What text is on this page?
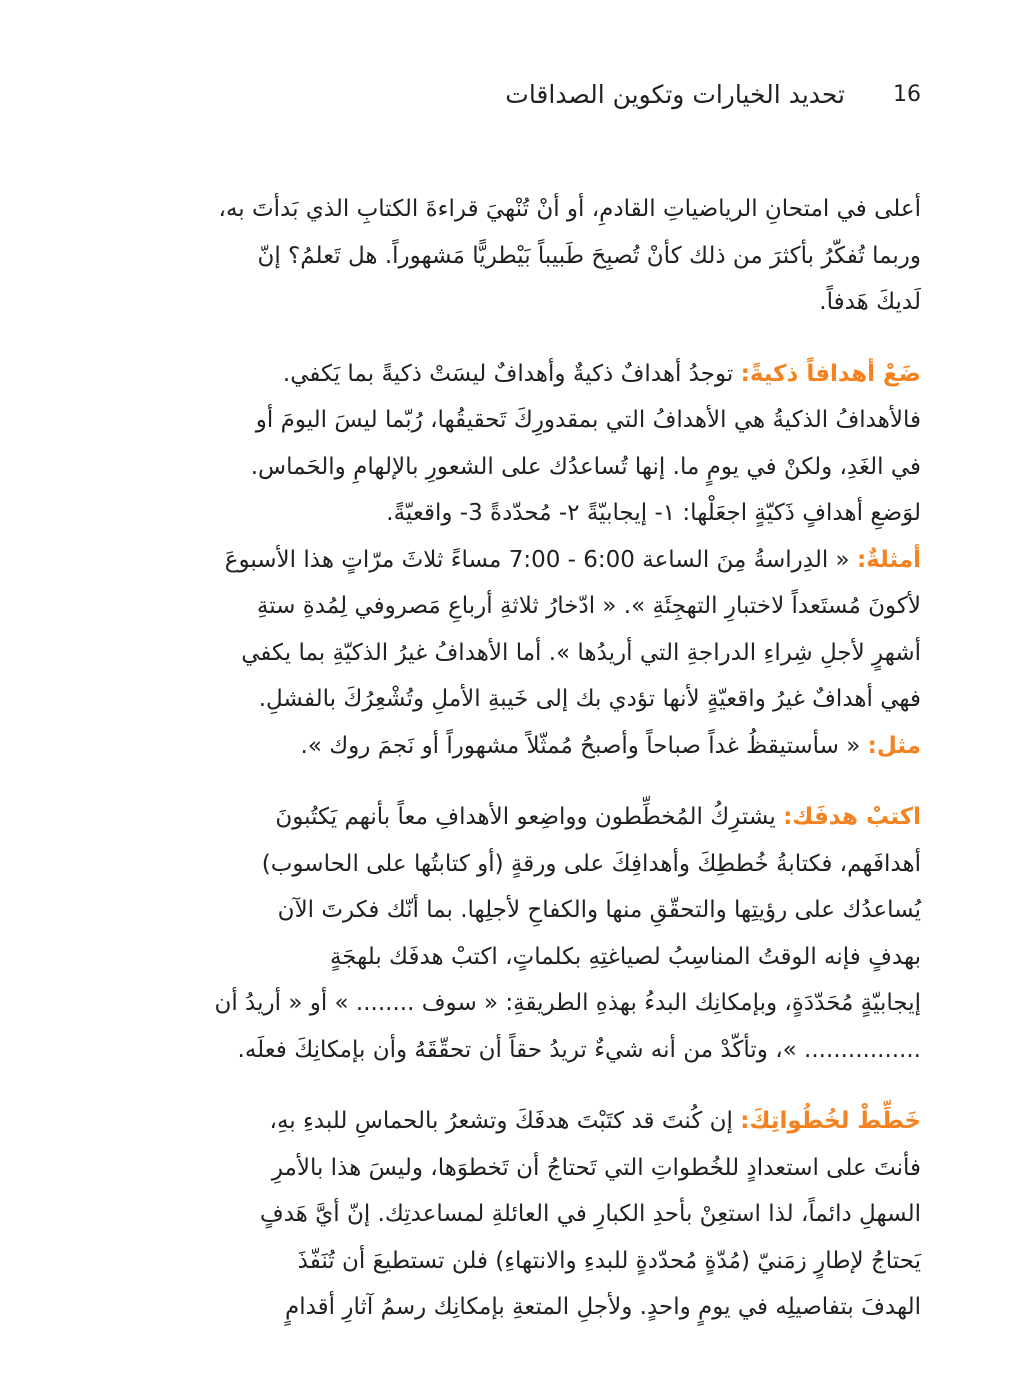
16
تحديد الخيارات وتكوين الصداقات

أعلى في امتحانِ الرياضياتِ القادمِ، أو أنْ تُنْهيَ قراءةَ الكتابِ الذي بَدأتَ به،
وربما تُفكّرُ بأكثرَ من ذلك كأنْ تُصبِحَ طَبيباً بَيْطريًّا مَشهوراً. هل تَعلمُ؟ إنّ
لَديكَ هَدفاً.

ضَعْ أهدافاً ذكيةً: توجدُ أهدافٌ ذكيةٌ وأهدافٌ ليسَتْ ذكيةً بما يَكفي.
فالأهدافُ الذكيةُ هي الأهدافُ التي بمقدورِكَ تَحقيقُها، رُبّما ليسَ اليومَ أو
في الغَدِ، ولكنْ في يومٍ ما. إنها تُساعدُك على الشعورِ بالإلهامِ والحَماس.
لوَضعِ أهدافٍ ذَكيّةٍ اجعَلْها: ١- إيجابيّةً ٢- مُحدّدةً 3- واقعيّةً.
أمثلةٌ: « الدِراسةُ مِنَ الساعة 6:00 - 7:00 مساءً ثلاثَ مرّاتٍ هذا الأسبوعَ
لأكونَ مُستَعداً لاختبارِ التهجِئَةِ ». « ادّخارُ ثلاثةِ أرباعِ مَصروفي لِمُدةِ ستةِ
أشهرٍ لأجلِ شِراءِ الدراجةِ التي أريدُها ». أما الأهدافُ غيرُ الذكيّةِ بما يكفي
فهي أهدافٌ غيرُ واقعيّةٍ لأنها تؤدي بك إلى خَيبةِ الأملِ وتُشْعِرُكَ بالفشلِ.
مثل: « سأستيقظُ غداً صباحاً وأصبحُ مُمثّلاً مشهوراً أو نَجمَ روك ».

اكتبْ هدفَك: يشترِكُ المُخطِّطون وواضِعو الأهدافِ معاً بأنهم يَكتُبونَ
أهدافَهم، فكتابةُ خُططِكَ وأهدافِكَ على ورقةٍ (أو كتابتُها على الحاسوب)
يُساعدُك على رؤيتِها والتحقّقِ منها والكفاحِ لأجلِها. بما أنّك فكرتَ الآن
بهدفٍ فإنه الوقتُ المناسِبُ لصياغتِهِ بكلماتٍ، اكتبْ هدفَك بلهجَةٍ
إيجابيّةٍ مُحَدّدَةٍ، وبإمكانِك البدءُ بهذهِ الطريقةِ: « سوف ........ » أو « أريدُ أن
................ »، وتأكّدْ من أنه شيءٌ تريدُ حقاً أن تحقّقَهُ وأن بإمكانِكَ فعلَه.

خَطِّطْ لخُطُواتِكَ: إن كُنتَ قد كتَبْتَ هدفَكَ وتشعرُ بالحماسِ للبدءِ بهِ،
فأنتَ على استعدادٍ للخُطواتِ التي تَحتاجُ أن تَخطوَها، وليسَ هذا بالأمرِ
السهلِ دائماً، لذا استعِنْ بأحدِ الكبارِ في العائلةِ لمساعدتِك. إنّ أيَّ هَدفٍ
يَحتاجُ لإطارٍ زمَنيّ (مُدّةٍ مُحدّدةٍ للبدءِ والانتهاءِ) فلن تستطيعَ أن تُنَفّذَ
الهدفَ بتفاصيلِه في يومٍ واحدٍ. ولأجلِ المتعةِ بإمكانِك رسمُ آثارِ أقدامٍ
